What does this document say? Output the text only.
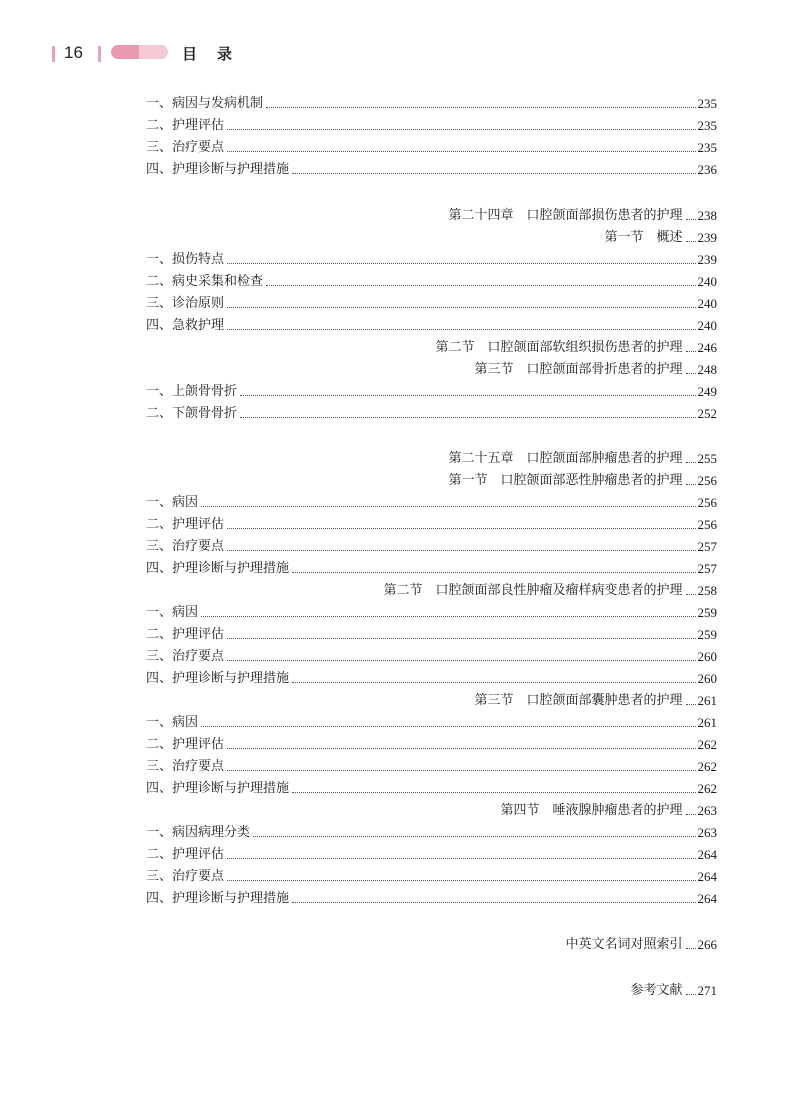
16	目录
一、病因与发病机制	235
二、护理评估	235
三、治疗要点	235
四、护理诊断与护理措施	236
第二十四章　口腔颌面部损伤患者的护理 238
第一节　概述 239
一、损伤特点	239
二、病史采集和检查	240
三、诊治原则	240
四、急救护理	240
第二节　口腔颌面部软组织损伤患者的护理 246
第三节　口腔颌面部骨折患者的护理 248
一、上颌骨骨折	249
二、下颌骨骨折	252
第二十五章　口腔颌面部肿瘤患者的护理 255
第一节　口腔颌面部恶性肿瘤患者的护理 256
一、病因	256
二、护理评估	256
三、治疗要点	257
四、护理诊断与护理措施	257
第二节　口腔颌面部良性肿瘤及瘤样病变患者的护理 258
一、病因	259
二、护理评估	259
三、治疗要点	260
四、护理诊断与护理措施	260
第三节　口腔颌面部囊肿患者的护理 261
一、病因	261
二、护理评估	262
三、治疗要点	262
四、护理诊断与护理措施	262
第四节　唾液腺肿瘤患者的护理 263
一、病因病理分类	263
二、护理评估	264
三、治疗要点	264
四、护理诊断与护理措施	264
中英文名词对照索引 266
参考文献 271
